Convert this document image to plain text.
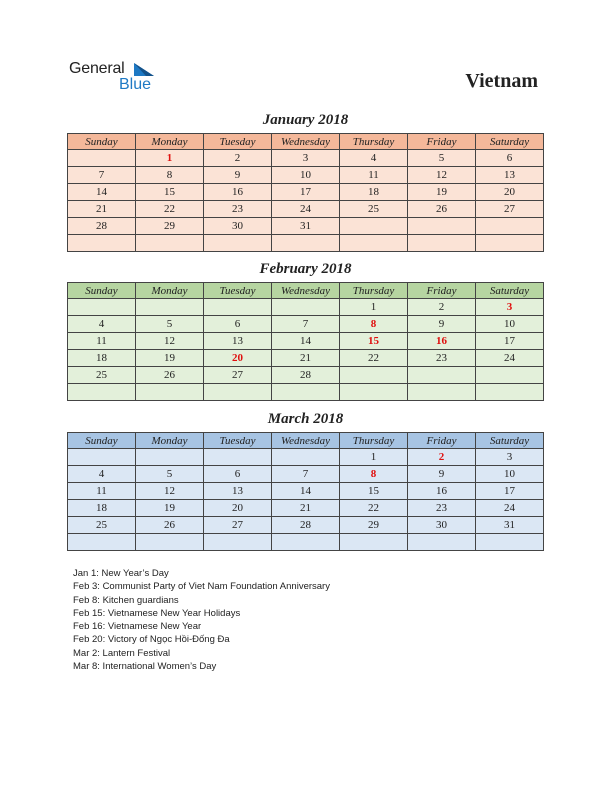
General
Blue	Vietnam
January 2018
Sunday	Monday	Tuesday	Wednesday	Thursday	Friday	Saturday
	1	2	3	4	5	6
7	8	9	10	11	12	13
14	15	16	17	18	19	20
21	22	23	24	25	26	27
28	29	30	31			

February 2018
Sunday	Monday	Tuesday	Wednesday	Thursday	Friday	Saturday
				1	2	3
4	5	6	7	8	9	10
11	12	13	14	15	16	17
18	19	20	21	22	23	24
25	26	27	28			

March 2018
Sunday	Monday	Tuesday	Wednesday	Thursday	Friday	Saturday
				1	2	3
4	5	6	7	8	9	10
11	12	13	14	15	16	17
18	19	20	21	22	23	24
25	26	27	28	29	30	31

Jan 1: New Year’s Day
Feb 3: Communist Party of Viet Nam Foundation Anniversary
Feb 8: Kitchen guardians
Feb 15: Vietnamese New Year Holidays
Feb 16: Vietnamese New Year
Feb 20: Victory of Ngọc Hồi-Đống Đa
Mar 2: Lantern Festival
Mar 8: International Women’s Day
